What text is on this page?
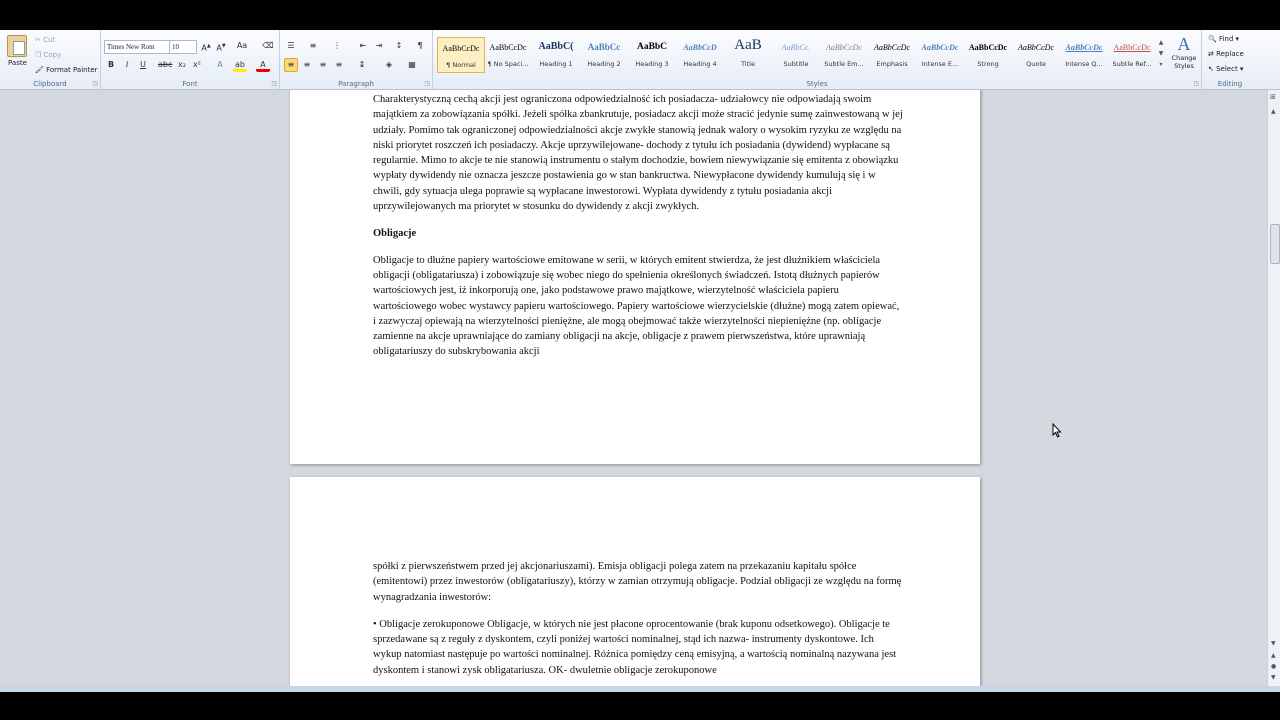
Paste
✂ Cut
❐ Copy
🖌 Format Painter
Clipboard	◳
Times New Rom	10	A▲ A▼ Aa ⌫
B	I	U	abc x₂ x²	A	ab	A
Font	◳
☰	≡	⋮	⇤	⇥	↕	¶
≡	≡	≡	≡	↨	◈	▦
Paragraph	◳
AaBbCcDc
¶ Normal
AaBbCcDc
¶ No Spaci...
AaBbC(
Heading 1
AaBbCc
Heading 2
AaBbC
Heading 3
AaBbCcD
Heading 4
AaB
Title
AaBbCc.
Subtitle
AaBbCcDc
Subtle Em...
AaBbCcDc
Emphasis
AaBbCcDc
Intense E...
AaBbCcDc
Strong
AaBbCcDc
Quote
AaBbCcDc
Intense Q...
AaBbCcDc
Subtle Ref...
▲
▼
▾
A
Change Styles
Styles	◳
🔍 Find ▾
⇄ Replace
↖ Select ▾
Editing

Charakterystyczną cechą akcji jest ograniczona odpowiedzialność ich posiadacza- udziałowcy nie odpowiadają swoim majątkiem za zobowiązania spółki. Jeżeli spółka zbankrutuje, posiadacz akcji może stracić jedynie sumę zainwestowaną w jej udziały. Pomimo tak ograniczonej odpowiedzialności akcje zwykłe stanowią jednak walory o wysokim ryzyku ze względu na niski priorytet roszczeń ich posiadaczy. Akcje uprzywilejowane- dochody z tytułu ich posiadania (dywidend) wypłacane są regularnie. Mimo to akcje te nie stanowią instrumentu o stałym dochodzie, bowiem niewywiązanie się emitenta z obowiązku wypłaty dywidendy nie oznacza jeszcze postawienia go w stan bankructwa. Niewypłacone dywidendy kumulują się i w chwili, gdy sytuacja ulega poprawie są wypłacane inwestorowi. Wypłata dywidendy z tytułu posiadania akcji uprzywilejowanych ma priorytet w stosunku do dywidendy z akcji zwykłych.

Obligacje

Obligacje to dłużne papiery wartościowe emitowane w serii, w których emitent stwierdza, że jest dłużnikiem właściciela obligacji (obligatariusza) i zobowiązuje się wobec niego do spełnienia określonych świadczeń. Istotą dłużnych papierów wartościowych jest, iż inkorporują one, jako podstawowe prawo majątkowe, wierzytelność właściciela papieru wartościowego wobec wystawcy papieru wartościowego. Papiery wartościowe wierzycielskie (dłużne) mogą zatem opiewać, i zazwyczaj opiewają na wierzytelności pieniężne, ale mogą obejmować także wierzytelności niepieniężne (np. obligacje zamienne na akcje uprawniające do zamiany obligacji na akcje, obligacje z prawem pierwszeństwa, które uprawniają obligatariuszy do subskrybowania akcji

spółki z pierwszeństwem przed jej akcjonariuszami). Emisja obligacji polega zatem na przekazaniu kapitału spółce (emitentowi) przez inwestorów (obligatariuszy), którzy w zamian otrzymują obligacje. Podział obligacji ze względu na formę wynagradzania inwestorów:

• Obligacje zerokuponowe Obligacje, w których nie jest płacone oprocentowanie (brak kuponu odsetkowego). Obligacje te sprzedawane są z reguły z dyskontem, czyli poniżej wartości nominalnej, stąd ich nazwa- instrumenty dyskontowe. Ich wykup natomiast następuje po wartości nominalnej. Różnica pomiędzy ceną emisyjną, a wartością nominalną nazywana jest dyskontem i stanowi zysk obligatariusza. OK- dwuletnie obligacje zerokuponowe

⊞
▲
▼
▲
●
▼
